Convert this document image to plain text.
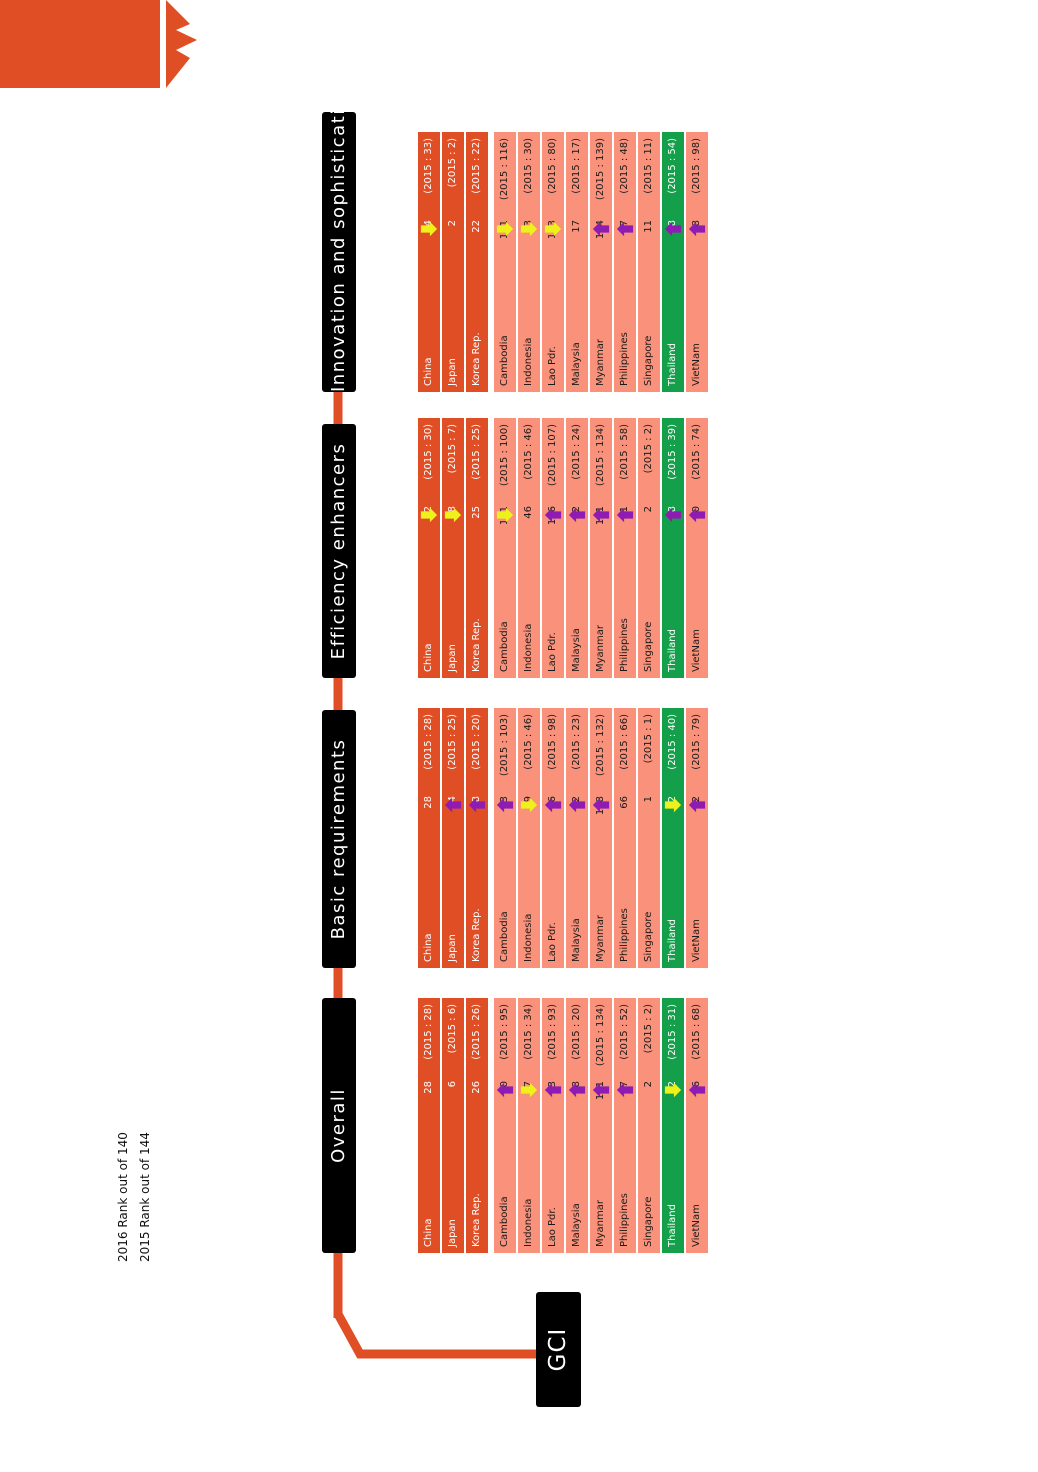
GCI
Overall
Basic requirements
Efficiency enhancers
Innovation and sophistication
China
28
(2015 : 28)
Japan
6
(2015 : 6)
Korea Rep.
26
(2015 : 26)
Cambodia
(2015 : 95)
Indonesia
(2015 : 34)
Lao Pdr.
(2015 : 93)
Malaysia
(2015 : 20)
Myanmar
(2015 : 134)
Philippines
(2015 : 52)
Singapore
2
(2015 : 2)
Thailand
(2015 : 31)
VietNam
(2015 : 68)
China
28
(2015 : 28)
Japan
(2015 : 25)
Korea Rep.
(2015 : 20)
Cambodia
(2015 : 103)
Indonesia
(2015 : 46)
Lao Pdr.
(2015 : 98)
Malaysia
(2015 : 23)
Myanmar
(2015 : 132)
Philippines
66
(2015 : 66)
Singapore
1
(2015 : 1)
Thailand
(2015 : 40)
VietNam
(2015 : 79)
China
(2015 : 30)
Japan
8
(2015 : 7)
Korea Rep.
25
(2015 : 25)
Cambodia
(2015 : 100)
Indonesia
46
(2015 : 46)
Lao Pdr.
(2015 : 107)
Malaysia
(2015 : 24)
Myanmar
(2015 : 134)
Philippines
(2015 : 58)
Singapore
2
(2015 : 2)
Thailand
(2015 : 39)
VietNam
(2015 : 74)
China
(2015 : 33)
Japan
2
(2015 : 2)
Korea Rep.
22
(2015 : 22)
Cambodia
(2015 : 116)
Indonesia
(2015 : 30)
Lao Pdr.
(2015 : 80)
Malaysia
17
(2015 : 17)
Myanmar
(2015 : 139)
Philippines
(2015 : 48)
Singapore
11
(2015 : 11)
Thailand
(2015 : 54)
VietNam
(2015 : 98)
2016 Rank out of 140 2015 Rank out of 144
